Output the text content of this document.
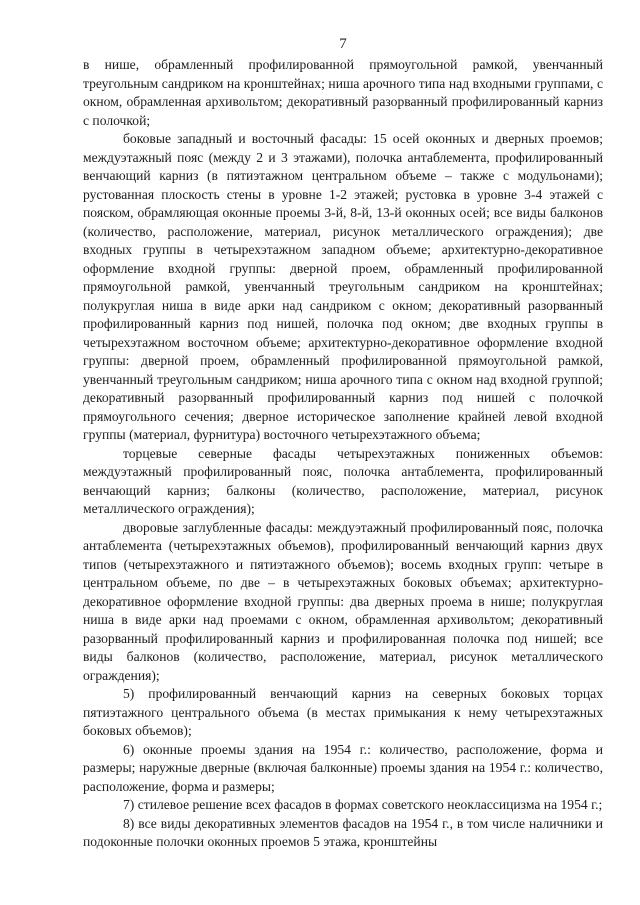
7

в нише, обрамленный профилированной прямоугольной рамкой, увенчанный треугольным сандриком на кронштейнах; ниша арочного типа над входными группами, с окном, обрамленная архивольтом; декоративный разорванный профилированный карниз с полочкой;

боковые западный и восточный фасады: 15 осей оконных и дверных проемов; междуэтажный пояс (между 2 и 3 этажами), полочка антаблемента, профилированный венчающий карниз (в пятиэтажном центральном объеме – также с модульонами); рустованная плоскость стены в уровне 1-2 этажей; рустовка в уровне 3-4 этажей с пояском, обрамляющая оконные проемы 3-й, 8-й, 13-й оконных осей; все виды балконов (количество, расположение, материал, рисунок металлического ограждения); две входных группы в четырехэтажном западном объеме; архитектурно-декоративное оформление входной группы: дверной проем, обрамленный профилированной прямоугольной рамкой, увенчанный треугольным сандриком на кронштейнах; полукруглая ниша в виде арки над сандриком с окном; декоративный разорванный профилированный карниз под нишей, полочка под окном; две входных группы в четырехэтажном восточном объеме; архитектурно-декоративное оформление входной группы: дверной проем, обрамленный профилированной прямоугольной рамкой, увенчанный треугольным сандриком; ниша арочного типа с окном над входной группой; декоративный разорванный профилированный карниз под нишей с полочкой прямоугольного сечения; дверное историческое заполнение крайней левой входной группы (материал, фурнитура) восточного четырехэтажного объема;

торцевые северные фасады четырехэтажных пониженных объемов: междуэтажный профилированный пояс, полочка антаблемента, профилированный венчающий карниз; балконы (количество, расположение, материал, рисунок металлического ограждения);

дворовые заглубленные фасады: междуэтажный профилированный пояс, полочка антаблемента (четырехэтажных объемов), профилированный венчающий карниз двух типов (четырехэтажного и пятиэтажного объемов); восемь входных групп: четыре в центральном объеме, по две – в четырехэтажных боковых объемах; архитектурно-декоративное оформление входной группы: два дверных проема в нише; полукруглая ниша в виде арки над проемами с окном, обрамленная архивольтом; декоративный разорванный профилированный карниз и профилированная полочка под нишей; все виды балконов (количество, расположение, материал, рисунок металлического ограждения);

5) профилированный венчающий карниз на северных боковых торцах пятиэтажного центрального объема (в местах примыкания к нему четырехэтажных боковых объемов);

6) оконные проемы здания на 1954 г.: количество, расположение, форма и размеры; наружные дверные (включая балконные) проемы здания на 1954 г.: количество, расположение, форма и размеры;

7) стилевое решение всех фасадов в формах советского неоклассицизма на 1954 г.;

8) все виды декоративных элементов фасадов на 1954 г., в том числе наличники и подоконные полочки оконных проемов 5 этажа, кронштейны
